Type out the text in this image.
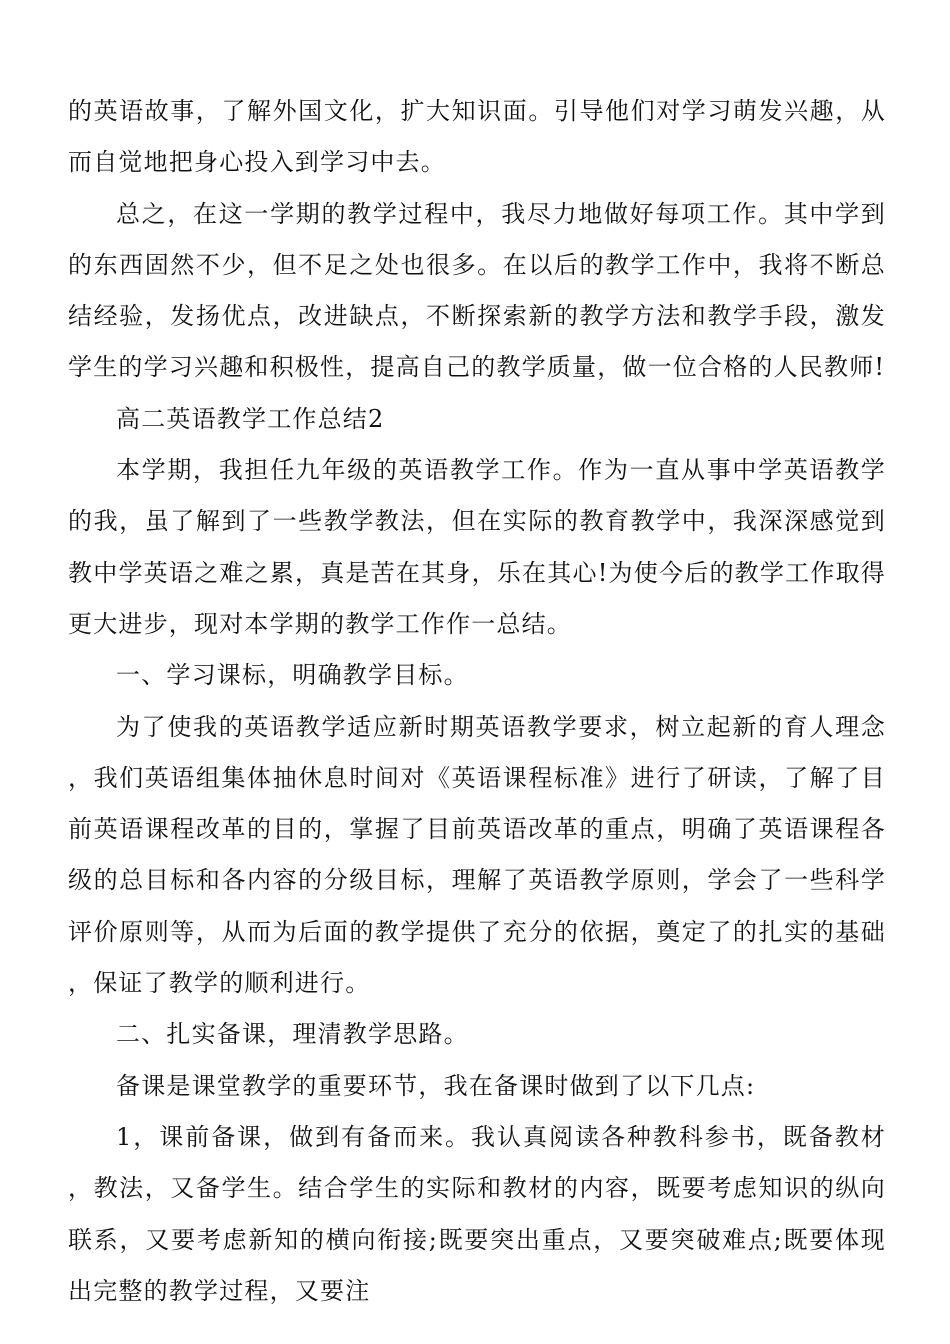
的英语故事，了解外国文化，扩大知识面。引导他们对学习萌发兴趣，从而自觉地把身心投入到学习中去。

总之，在这一学期的教学过程中，我尽力地做好每项工作。其中学到的东西固然不少，但不足之处也很多。在以后的教学工作中，我将不断总结经验，发扬优点，改进缺点，不断探索新的教学方法和教学手段，激发学生的学习兴趣和积极性，提高自己的教学质量，做一位合格的人民教师!

高二英语教学工作总结2

本学期，我担任九年级的英语教学工作。作为一直从事中学英语教学的我，虽了解到了一些教学教法，但在实际的教育教学中，我深深感觉到教中学英语之难之累，真是苦在其身，乐在其心!为使今后的教学工作取得更大进步，现对本学期的教学工作作一总结。

一、学习课标，明确教学目标。

为了使我的英语教学适应新时期英语教学要求，树立起新的育人理念，我们英语组集体抽休息时间对《英语课程标准》进行了研读，了解了目前英语课程改革的目的，掌握了目前英语改革的重点，明确了英语课程各级的总目标和各内容的分级目标，理解了英语教学原则，学会了一些科学评价原则等，从而为后面的教学提供了充分的依据，奠定了的扎实的基础，保证了教学的顺利进行。

二、扎实备课，理清教学思路。

备课是课堂教学的重要环节，我在备课时做到了以下几点:

1，课前备课，做到有备而来。我认真阅读各种教科参书，既备教材，教法，又备学生。结合学生的实际和教材的内容，既要考虑知识的纵向联系，又要考虑新知的横向衔接;既要突出重点，又要突破难点;既要体现出完整的教学过程，又要注
